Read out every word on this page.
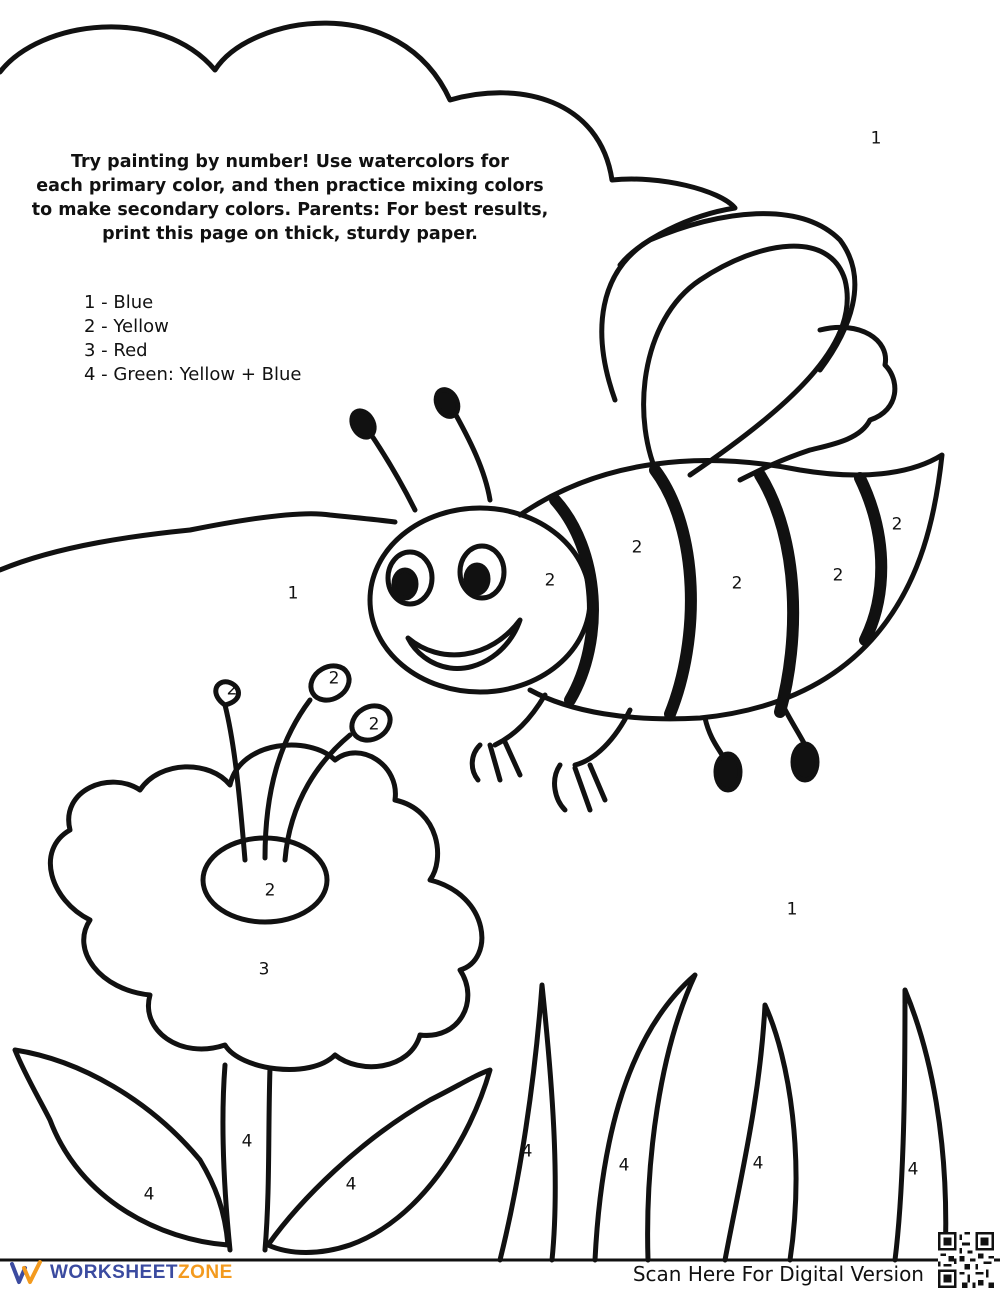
Try painting by number! Use watercolors for
each primary color, and then practice mixing colors
to make secondary colors. Parents: For best results,
print this page on thick, sturdy paper.
1 - Blue
2 - Yellow
3 - Red
4 - Green: Yellow + Blue
1
1
1
2
2
2	2
2
2
2
2
2
3
4
4	4
4
4	4	4
WORKSHEETZONE	Scan Here For Digital Version
